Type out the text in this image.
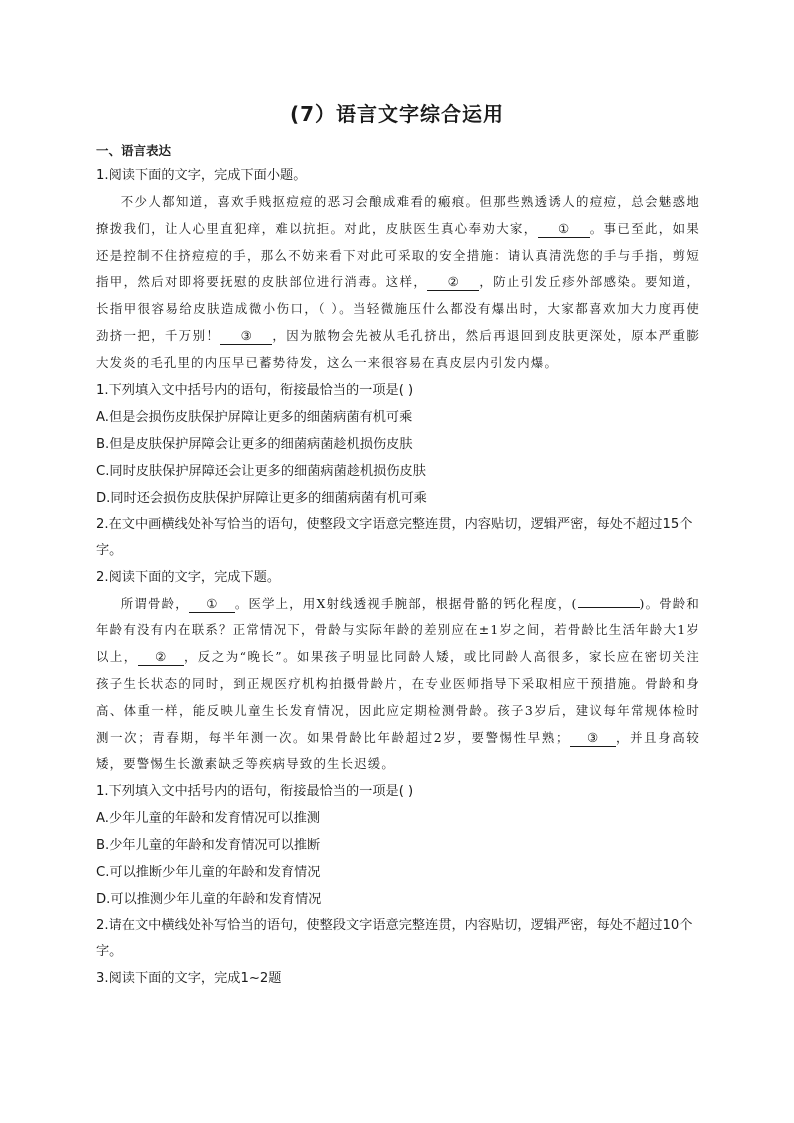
(7）语言文字综合运用
一、语言表达
1.阅读下面的文字，完成下面小题。

不少人都知道，喜欢手贱抠痘痘的恶习会酿成难看的瘢痕。但那些熟透诱人的痘痘，总会魅惑地撩拨我们，让人心里直犯痒，难以抗拒。对此，皮肤医生真心奉劝大家， ① 。事已至此，如果还是控制不住挤痘痘的手，那么不妨来看下对此可采取的安全措施：请认真清洗您的手与手指，剪短指甲，然后对即将要抚慰的皮肤部位进行消毒。这样， ② ，防止引发丘疹外部感染。要知道，长指甲很容易给皮肤造成微小伤口，（ ）。当轻微施压什么都没有爆出时，大家都喜欢加大力度再使劲挤一把，千万别！ ③ ，因为脓物会先被从毛孔挤出，然后再退回到皮肤更深处，原本严重膨大发炎的毛孔里的内压早已蓄势待发，这么一来很容易在真皮层内引发内爆。

1.下列填入文中括号内的语句，衔接最恰当的一项是( )
A.但是会损伤皮肤保护屏障让更多的细菌病菌有机可乘
B.但是皮肤保护屏障会让更多的细菌病菌趁机损伤皮肤
C.同时皮肤保护屏障还会让更多的细菌病菌趁机损伤皮肤
D.同时还会损伤皮肤保护屏障让更多的细菌病菌有机可乘

2.在文中画横线处补写恰当的语句，使整段文字语意完整连贯，内容贴切，逻辑严密，每处不超过15个字。

2.阅读下面的文字，完成下题。

所谓骨龄， ① 。医学上，用X射线透视手腕部，根据骨骼的钙化程度，(	)。骨龄和年龄有没有内在联系？正常情况下，骨龄与实际年龄的差别应在±1岁之间，若骨龄比生活年龄大1岁以上， ② ，反之为“晚长”。如果孩子明显比同龄人矮，或比同龄人高很多，家长应在密切关注孩子生长状态的同时，到正规医疗机构拍摄骨龄片，在专业医师指导下采取相应干预措施。骨龄和身高、体重一样，能反映儿童生长发育情况，因此应定期检测骨龄。孩子3岁后，建议每年常规体检时测一次；青春期，每半年测一次。如果骨龄比年龄超过2岁，要警惕性早熟； ③ ，并且身高较矮，要警惕生长激素缺乏等疾病导致的生长迟缓。

1.下列填入文中括号内的语句，衔接最恰当的一项是( )
A.少年儿童的年龄和发育情况可以推测
B.少年儿童的年龄和发育情况可以推断
C.可以推断少年儿童的年龄和发育情况
D.可以推测少年儿童的年龄和发育情况

2.请在文中横线处补写恰当的语句，使整段文字语意完整连贯，内容贴切，逻辑严密，每处不超过10个字。

3.阅读下面的文字，完成1~2题
